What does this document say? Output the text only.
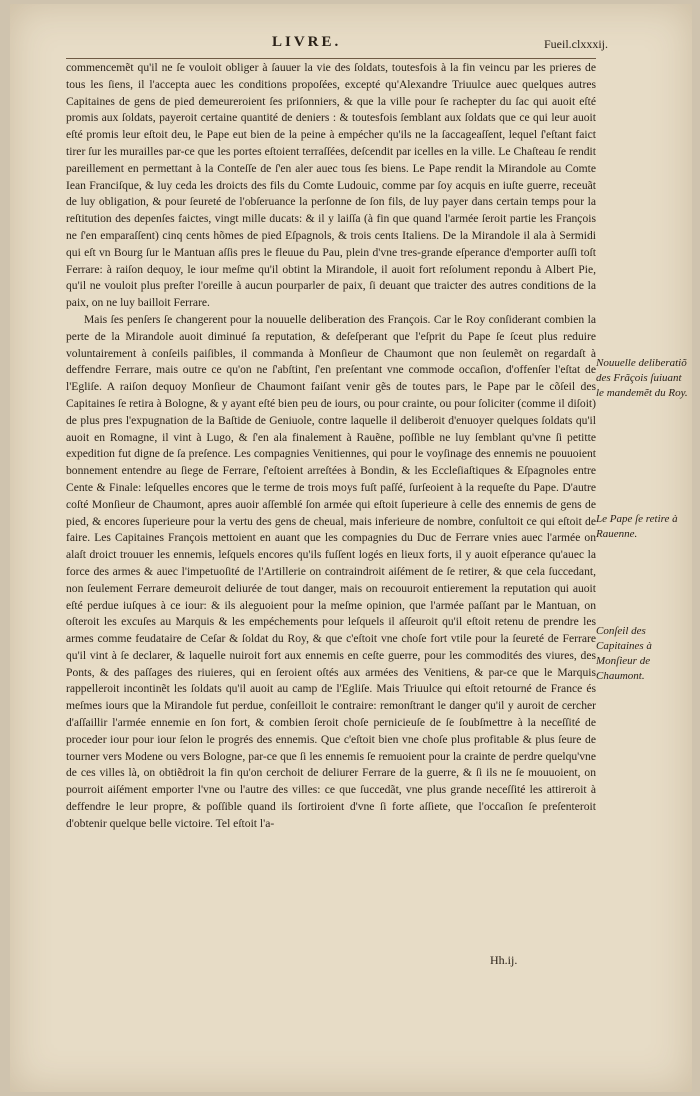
LIVRE.	Fueil.clxxxij.

commencemẽt qu'il ne ſe vouloit obliger à ſauuer la vie des ſoldats, toutesfois à la fin veincu par les prieres de tous les ſiens, il l'accepta auec les conditions propoſées, excepté qu'Alexandre Triuulce auec quelques autres Capitaines de gens de pied demeureroient ſes priſonniers, & que la ville pour ſe rachepter du ſac qui auoit eſté promis aux ſoldats, payeroit certaine quantité de deniers : & toutesfois ſemblant aux ſoldats que ce qui leur auoit eſté promis leur eſtoit deu, le Pape eut bien de la peine à empécher qu'ils ne la ſaccageaſſent, lequel ſ'eſtant faict tirer ſur les murailles par-ce que les portes eſtoient terraſſées, deſcendit par icelles en la ville. Le Chaſteau ſe rendit pareillement en permettant à la Conteſſe de ſ'en aler auec tous ſes biens. Le Pape rendit la Mirandole au Comte Iean Franciſque, & luy ceda les droicts des fils du Comte Ludouic, comme par ſoy acquis en iuſte guerre, receuãt de luy obligation, & pour ſeureté de l'obſeruance la perſonne de ſon fils, de luy payer dans certain temps pour la reſtitution des depenſes faictes, vingt mille ducats: & il y laiſſa (à fin que quand l'armée ſeroit partie les François ne ſ'en emparaſſent) cinq cents hõmes de pied Eſpagnols, & trois cents Italiens. De la Mirandole il ala à Sermidi qui eſt vn Bourg ſur le Mantuan aſſis pres le fleuue du Pau, plein d'vne tres-grande eſperance d'emporter auſſi toſt Ferrare: à raiſon dequoy, le iour meſme qu'il obtint la Mirandole, il auoit fort reſolument repondu à Albert Pie, qu'il ne vouloit plus preſter l'oreille à aucun pourparler de paix, ſi deuant que traicter des autres conditions de la paix, on ne luy bailloit Ferrare.

Mais ſes penſers ſe changerent pour la nouuelle deliberation des François. Car le Roy conſiderant combien la perte de la Mirandole auoit diminué ſa reputation, & deſeſperant que l'eſprit du Pape ſe ſceut plus reduire voluntairement à conſeils paiſibles, il commanda à Monſieur de Chaumont que non ſeulemẽt on regardaſt à deffendre Ferrare, mais outre ce qu'on ne ſ'abſtint, ſ'en preſentant vne commode occaſion, d'offenſer l'eſtat de l'Egliſe. A raiſon dequoy Monſieur de Chaumont faiſant venir gẽs de toutes pars, le Pape par le cõſeil des Capitaines ſe retira à Bologne, & y ayant eſté bien peu de iours, ou pour crainte, ou pour ſoliciter (comme il diſoit) de plus pres l'expugnation de la Baſtide de Geniuole, contre laquelle il deliberoit d'enuoyer quelques ſoldats qu'il auoit en Romagne, il vint à Lugo, & ſ'en ala finalement à Rauẽne, poſſible ne luy ſemblant qu'vne ſi petitte expedition fut digne de ſa preſence. Les compagnies Venitiennes, qui pour le voyſinage des ennemis ne pouuoient bonnement entendre au ſiege de Ferrare, ſ'eſtoient arreſtées à Bondin, & les Eccleſiaſtiques & Eſpagnoles entre Cente & Finale: leſquelles encores que le terme de trois moys fuſt paſſé, ſurſeoient à la requeſte du Pape. D'autre coſté Monſieur de Chaumont, apres auoir aſſemblé ſon armée qui eſtoit ſuperieure à celle des ennemis de gens de pied, & encores ſuperieure pour la vertu des gens de cheual, mais inferieure de nombre, conſultoit ce qui eſtoit de faire. Les Capitaines François mettoient en auant que les compagnies du Duc de Ferrare vnies auec l'armée on alaſt droict trouuer les ennemis, leſquels encores qu'ils fuſſent logés en lieux forts, il y auoit eſperance qu'auec la force des armes & auec l'impetuoſité de l'Artillerie on contraindroit aiſément de ſe retirer, & que cela ſuccedant, non ſeulement Ferrare demeuroit deliurée de tout danger, mais on recouuroit entierement la reputation qui auoit eſté perdue iuſques à ce iour: & ils aleguoient pour la meſme opinion, que l'armée paſſant par le Mantuan, on oſteroit les excuſes au Marquis & les empéchements pour leſquels il aſſeuroit qu'il eſtoit retenu de prendre les armes comme feudataire de Ceſar & ſoldat du Roy, & que c'eſtoit vne choſe fort vtile pour la ſeureté de Ferrare qu'il vint à ſe declarer, & laquelle nuiroit fort aux ennemis en ceſte guerre, pour les commodités des viures, des Ponts, & des paſſages des riuieres, qui en ſeroient oſtés aux armées des Venitiens, & par-ce que le Marquis rappelleroit incontinẽt les ſoldats qu'il auoit au camp de l'Egliſe. Mais Triuulce qui eſtoit retourné de France és meſmes iours que la Mirandole fut perdue, conſeilloit le contraire: remonſtrant le danger qu'il y auroit de cercher d'aſſaillir l'armée ennemie en ſon fort, & combien ſeroit choſe pernicieuſe de ſe ſoubſmettre à la neceſſité de proceder iour pour iour ſelon le progrés des ennemis. Que c'eſtoit bien vne choſe plus profitable & plus ſeure de tourner vers Modene ou vers Bologne, par-ce que ſi les ennemis ſe remuoient pour la crainte de perdre quelqu'vne de ces villes là, on obtiẽdroit la fin qu'on cerchoit de deliurer Ferrare de la guerre, & ſi ils ne ſe mouuoient, on pourroit aiſément emporter l'vne ou l'autre des villes: ce que ſuccedãt, vne plus grande neceſſité les attireroit à deffendre le leur propre, & poſſible quand ils ſortiroient d'vne ſi forte aſſiete, que l'occaſion ſe preſenteroit d'obtenir quelque belle victoire. Tel eſtoit l'a-

Nouuelle deliberatiõ des Frãçois ſuiuant le mandemẽt du Roy.
Le Pape ſe retire à Rauenne.
Conſeil des Capitaines à Monſieur de Chaumont.
Hh.ij.
